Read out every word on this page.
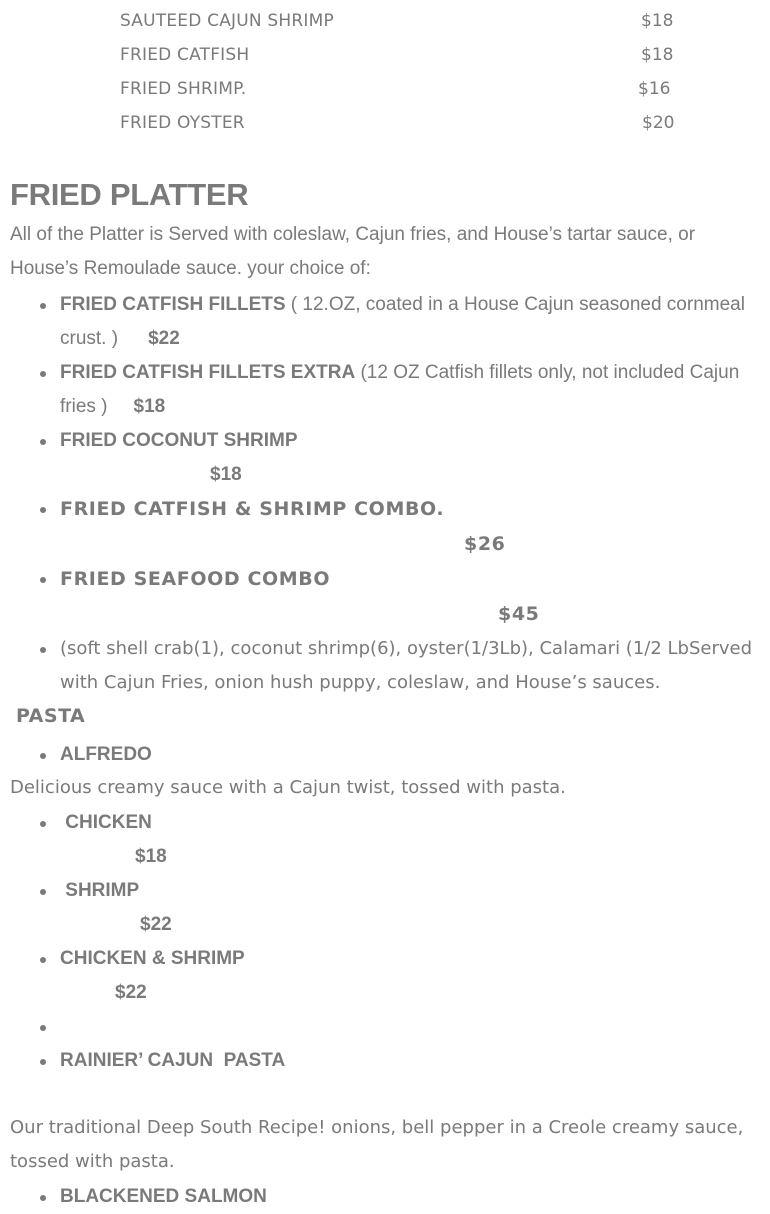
SAUTEED CAJUN SHRIMP	$18
FRIED CATFISH	$18
FRIED SHRIMP.	$16
FRIED OYSTER	$20
FRIED PLATTER
All of the Platter is Served with coleslaw, Cajun fries, and House’s tartar sauce, or House’s Remoulade sauce. your choice of:
FRIED CATFISH FILLETS ( 12.OZ, coated in a House Cajun seasoned cornmeal crust. ) $22
FRIED CATFISH FILLETS EXTRA (12 OZ Catfish fillets only, not included Cajun fries ) $18
FRIED COCONUT SHRIMP
$18
FRIED CATFISH & SHRIMP COMBO.
$26
FRIED SEAFOOD COMBO
$45
(soft shell crab(1), coconut shrimp(6), oyster(1/3Lb), Calamari (1/2 LbServed with Cajun Fries, onion hush puppy, coleslaw, and House’s sauces.
PASTA
ALFREDO
Delicious creamy sauce with a Cajun twist, tossed with pasta.
CHICKEN
$18
SHRIMP
$22
CHICKEN & SHRIMP
$22

RAINIER’ CAJUN  PASTA
Our traditional Deep South Recipe! onions, bell pepper in a Creole creamy sauce, tossed with pasta.
BLACKENED SALMON
